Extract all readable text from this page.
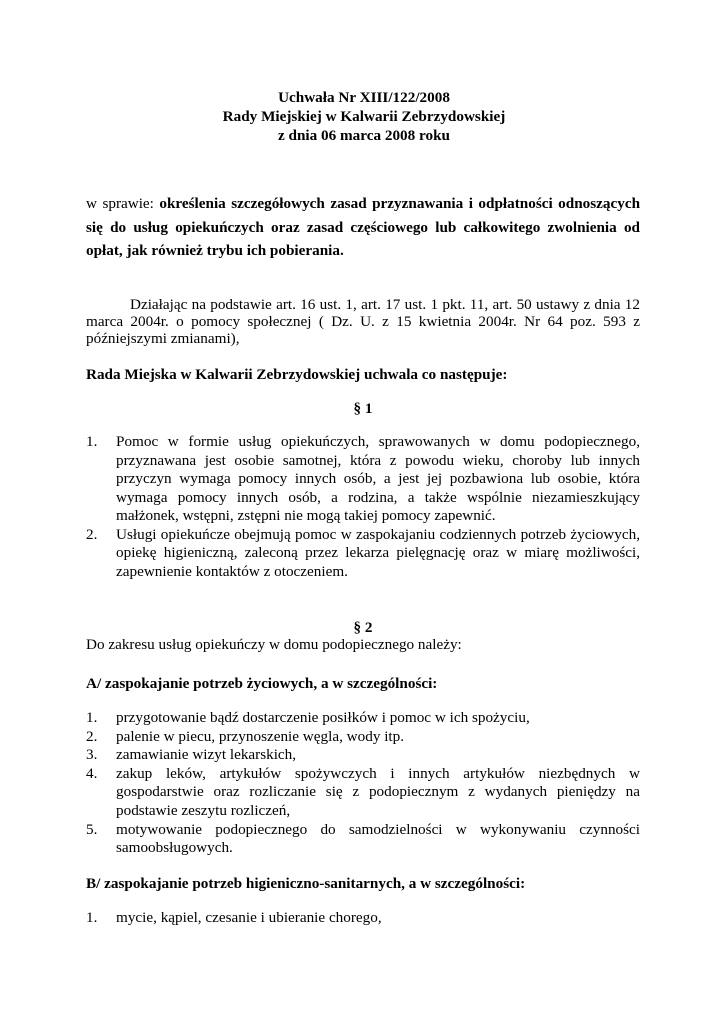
Uchwała Nr XIII/122/2008
Rady Miejskiej w Kalwarii Zebrzydowskiej
z dnia 06 marca 2008 roku
w sprawie: określenia szczegółowych zasad przyznawania i odpłatności odnoszących się do usług opiekuńczych oraz zasad częściowego lub całkowitego zwolnienia od opłat, jak również trybu ich pobierania.
Działając na podstawie art. 16 ust. 1, art. 17 ust. 1 pkt. 11, art. 50 ustawy z dnia 12 marca 2004r. o pomocy społecznej ( Dz. U. z 15 kwietnia 2004r. Nr 64 poz. 593 z późniejszymi zmianami),
Rada Miejska w Kalwarii Zebrzydowskiej uchwala co następuje:
§ 1
1. Pomoc w formie usług opiekuńczych, sprawowanych w domu podopiecznego, przyznawana jest osobie samotnej, która z powodu wieku, choroby lub innych przyczyn wymaga pomocy innych osób, a jest jej pozbawiona lub osobie, która wymaga pomocy innych osób, a rodzina, a także wspólnie niezamieszkujący małżonek, wstępni, zstępni nie mogą takiej pomocy zapewnić.
2. Usługi opiekuńcze obejmują pomoc w zaspokajaniu codziennych potrzeb życiowych, opiekę higieniczną, zaleconą przez lekarza pielęgnację oraz w miarę możliwości, zapewnienie kontaktów z otoczeniem.
§ 2
Do zakresu usług opiekuńczy w domu podopiecznego należy:
A/ zaspokajanie potrzeb życiowych, a w szczególności:
1. przygotowanie bądź dostarczenie posiłków i pomoc w ich spożyciu,
2. palenie w piecu, przynoszenie węgla, wody itp.
3. zamawianie wizyt lekarskich,
4. zakup leków, artykułów spożywczych i innych artykułów niezbędnych w gospodarstwie oraz rozliczanie się z podopiecznym z wydanych pieniędzy na podstawie zeszytu rozliczeń,
5. motywowanie podopiecznego do samodzielności w wykonywaniu czynności samoobsługowych.
B/ zaspokajanie potrzeb higieniczno-sanitarnych, a w szczególności:
1. mycie, kąpiel, czesanie i ubieranie chorego,
